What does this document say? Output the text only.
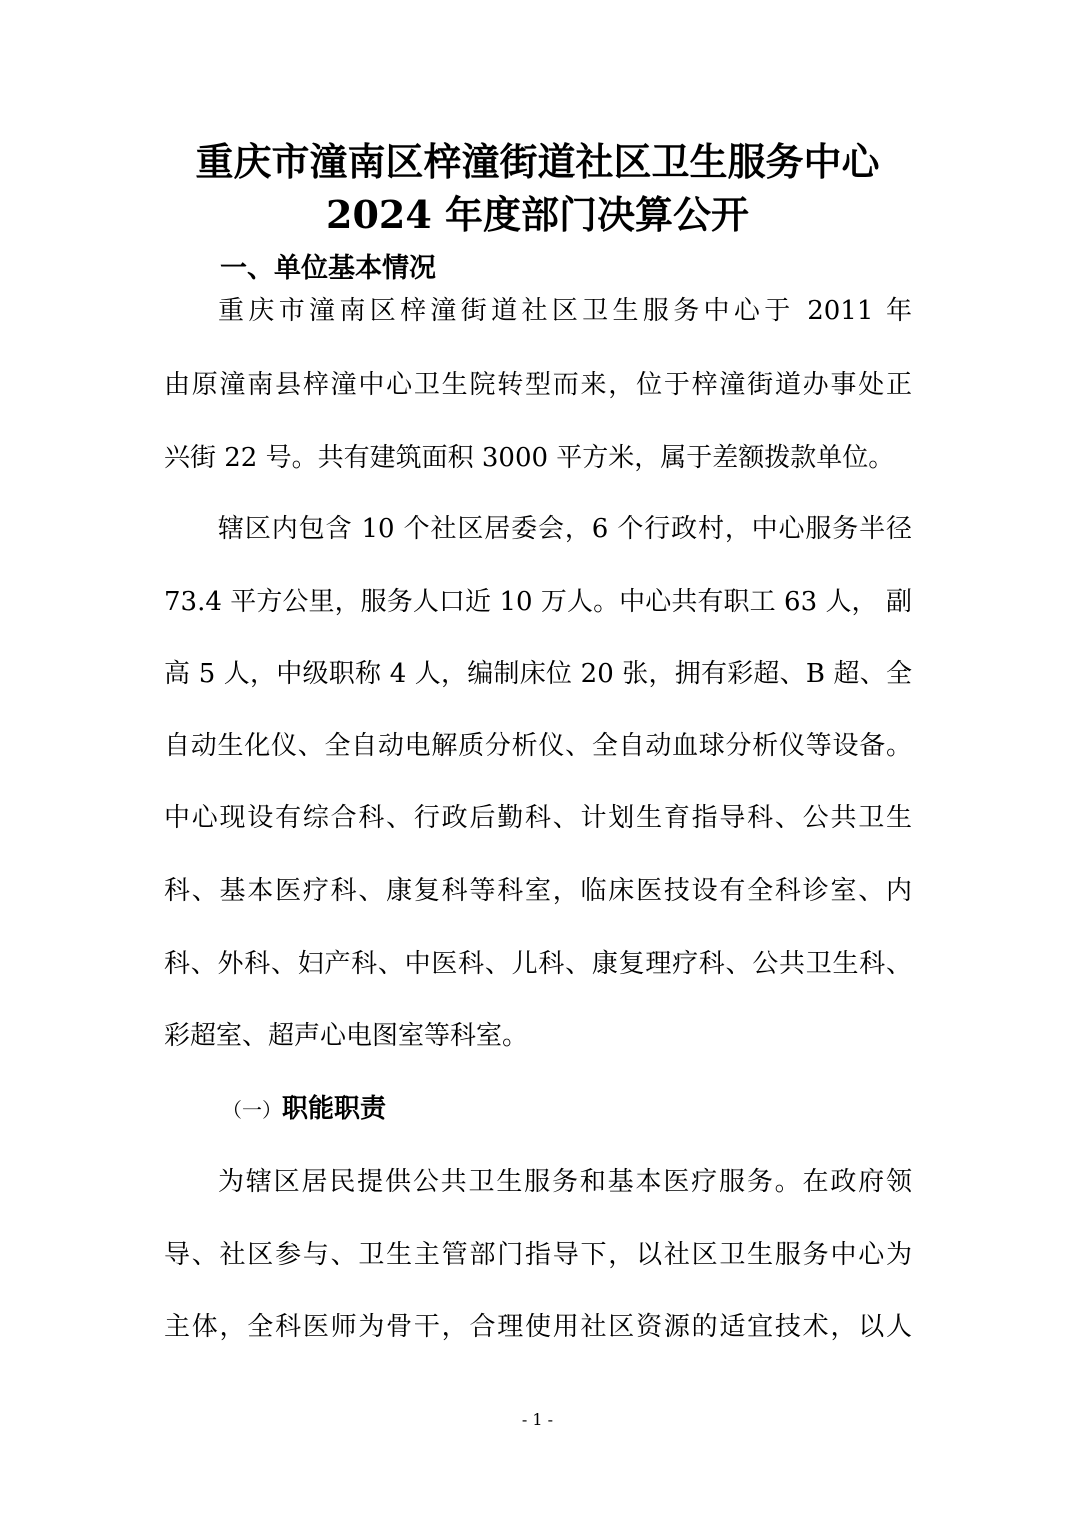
重庆市潼南区梓潼街道社区卫生服务中心
2024 年度部门决算公开
一、单位基本情况
重庆市潼南区梓潼街道社区卫生服务中心于 2011 年
由原潼南县梓潼中心卫生院转型而来，位于梓潼街道办事处正
兴街 22 号。共有建筑面积 3000 平方米，属于差额拨款单位。
辖区内包含 10 个社区居委会，6 个行政村，中心服务半径
73.4 平方公里，服务人口近 10 万人。中心共有职工 63 人， 副
高 5 人，中级职称 4 人，编制床位 20 张，拥有彩超、B 超、全
自动生化仪、全自动电解质分析仪、全自动血球分析仪等设备。
中心现设有综合科、行政后勤科、计划生育指导科、公共卫生
科、基本医疗科、康复科等科室，临床医技设有全科诊室、内
科、外科、妇产科、中医科、儿科、康复理疗科、公共卫生科、
彩超室、超声心电图室等科室。
（一）职能职责
为辖区居民提供公共卫生服务和基本医疗服务。在政府领
导、社区参与、卫生主管部门指导下，以社区卫生服务中心为
主体，全科医师为骨干，合理使用社区资源的适宜技术，以人
- 1 -
